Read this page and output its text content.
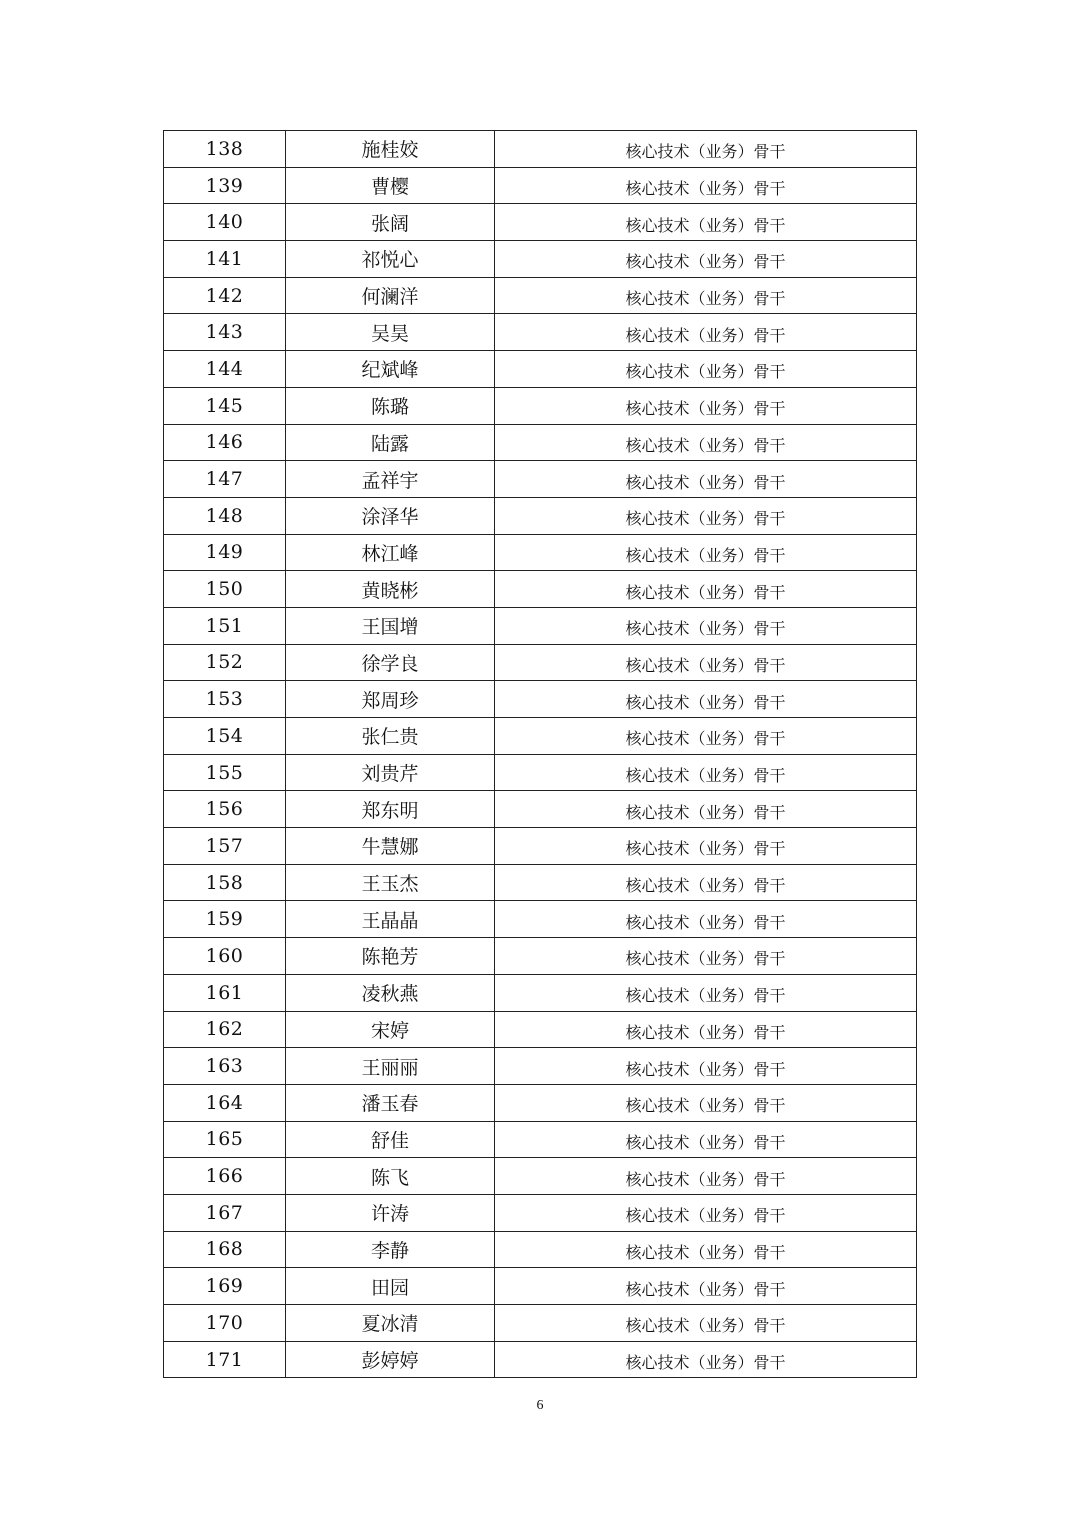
138	施桂姣	核心技术（业务）骨干
139	曹樱	核心技术（业务）骨干
140	张阔	核心技术（业务）骨干
141	祁悦心	核心技术（业务）骨干
142	何澜洋	核心技术（业务）骨干
143	吴昊	核心技术（业务）骨干
144	纪斌峰	核心技术（业务）骨干
145	陈璐	核心技术（业务）骨干
146	陆露	核心技术（业务）骨干
147	孟祥宇	核心技术（业务）骨干
148	涂泽华	核心技术（业务）骨干
149	林江峰	核心技术（业务）骨干
150	黄晓彬	核心技术（业务）骨干
151	王国增	核心技术（业务）骨干
152	徐学良	核心技术（业务）骨干
153	郑周珍	核心技术（业务）骨干
154	张仁贵	核心技术（业务）骨干
155	刘贵芹	核心技术（业务）骨干
156	郑东明	核心技术（业务）骨干
157	牛慧娜	核心技术（业务）骨干
158	王玉杰	核心技术（业务）骨干
159	王晶晶	核心技术（业务）骨干
160	陈艳芳	核心技术（业务）骨干
161	凌秋燕	核心技术（业务）骨干
162	宋婷	核心技术（业务）骨干
163	王丽丽	核心技术（业务）骨干
164	潘玉春	核心技术（业务）骨干
165	舒佳	核心技术（业务）骨干
166	陈飞	核心技术（业务）骨干
167	许涛	核心技术（业务）骨干
168	李静	核心技术（业务）骨干
169	田园	核心技术（业务）骨干
170	夏冰清	核心技术（业务）骨干
171	彭婷婷	核心技术（业务）骨干
6
